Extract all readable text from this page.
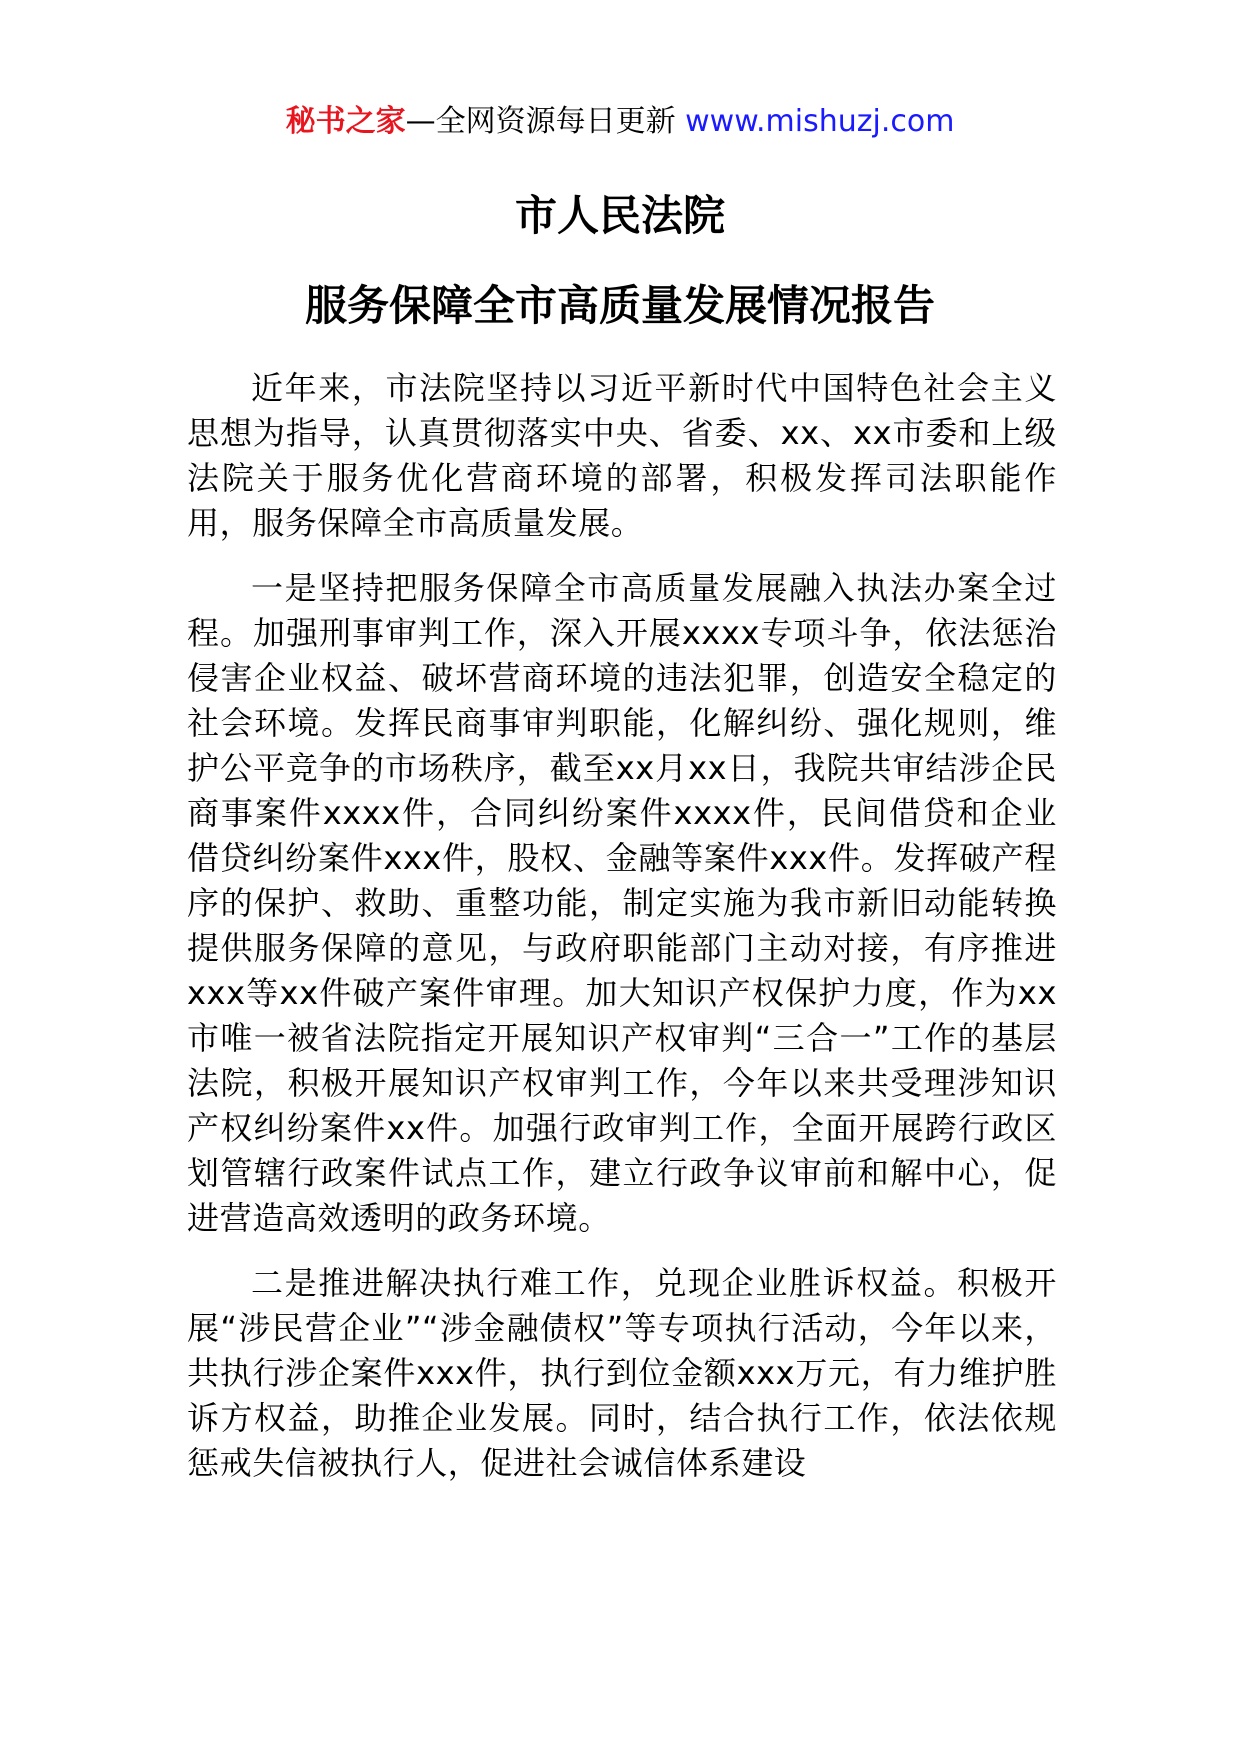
秘书之家—全网资源每日更新 www.mishuzj.com
市人民法院
服务保障全市高质量发展情况报告

近年来，市法院坚持以习近平新时代中国特色社会主义思想为指导，认真贯彻落实中央、省委、xx、xx市委和上级法院关于服务优化营商环境的部署，积极发挥司法职能作用，服务保障全市高质量发展。

一是坚持把服务保障全市高质量发展融入执法办案全过程。加强刑事审判工作，深入开展xxxx专项斗争，依法惩治侵害企业权益、破坏营商环境的违法犯罪，创造安全稳定的社会环境。发挥民商事审判职能，化解纠纷、强化规则，维护公平竞争的市场秩序，截至xx月xx日，我院共审结涉企民商事案件xxxx件，合同纠纷案件xxxx件，民间借贷和企业借贷纠纷案件xxx件，股权、金融等案件xxx件。发挥破产程序的保护、救助、重整功能，制定实施为我市新旧动能转换提供服务保障的意见，与政府职能部门主动对接，有序推进xxx等xx件破产案件审理。加大知识产权保护力度，作为xx市唯一被省法院指定开展知识产权审判“三合一”工作的基层法院，积极开展知识产权审判工作，今年以来共受理涉知识产权纠纷案件xx件。加强行政审判工作，全面开展跨行政区划管辖行政案件试点工作，建立行政争议审前和解中心，促进营造高效透明的政务环境。

二是推进解决执行难工作，兑现企业胜诉权益。积极开展“涉民营企业”“涉金融债权”等专项执行活动，今年以来，共执行涉企案件xxx件，执行到位金额xxx万元，有力维护胜诉方权益，助推企业发展。同时，结合执行工作，依法依规惩戒失信被执行人，促进社会诚信体系建设
